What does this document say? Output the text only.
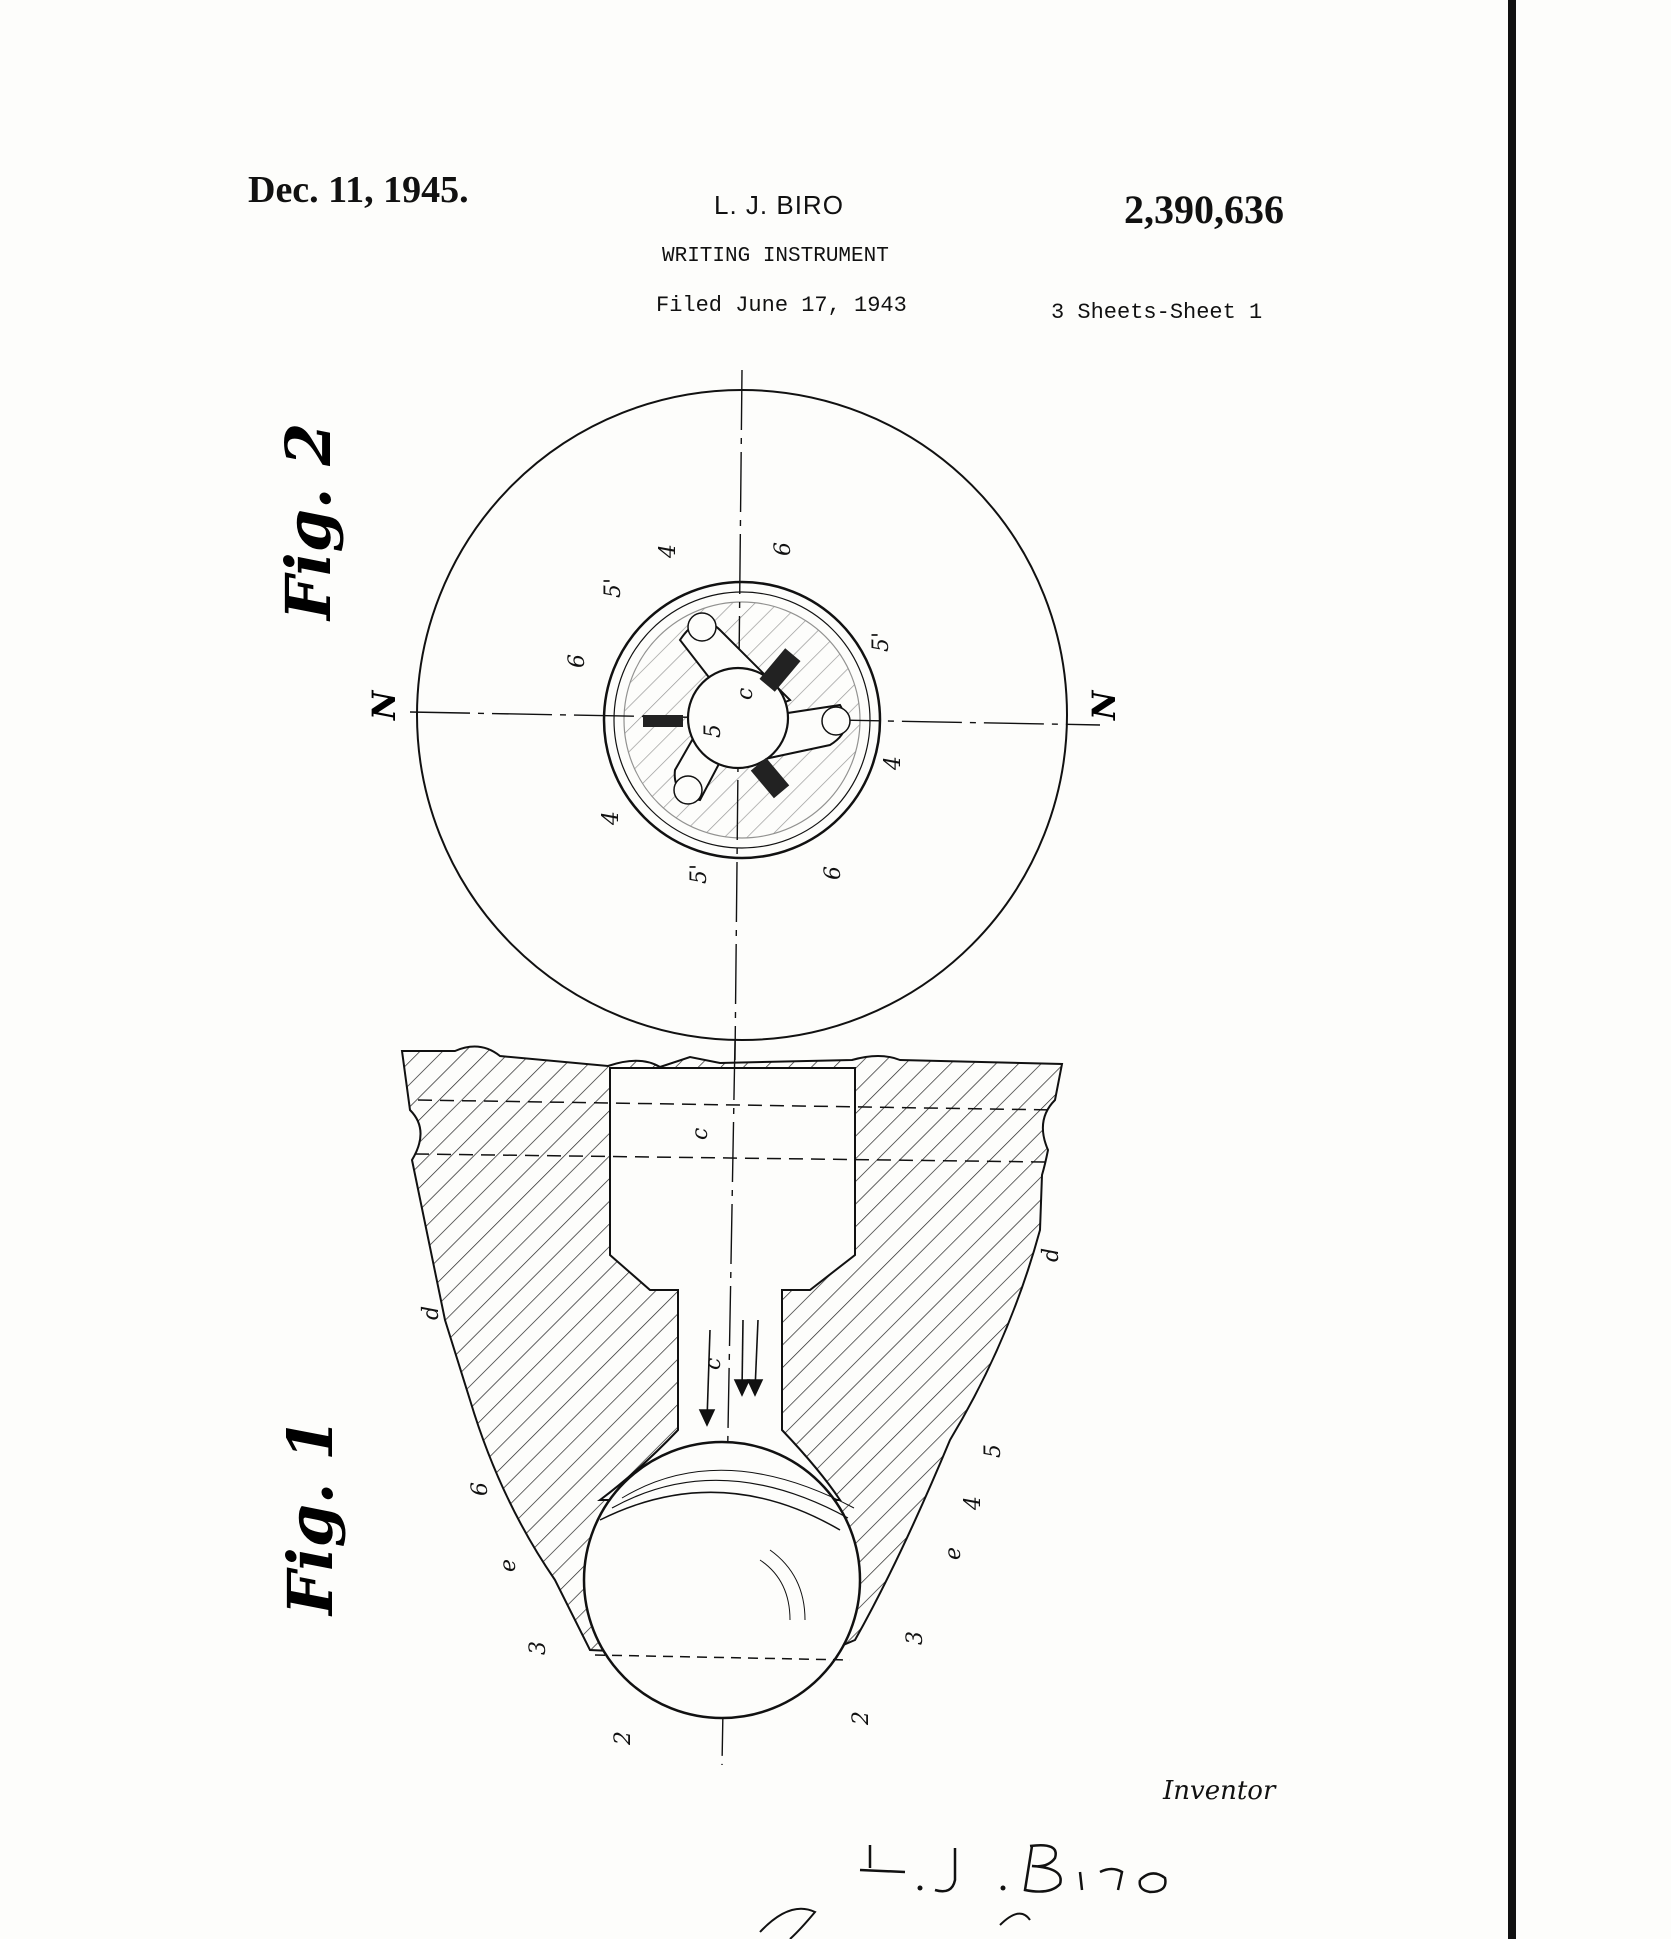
Dec. 11, 1945.	L. J. BIRO	2,390,636
WRITING INSTRUMENT
Filed June 17, 1943	3 Sheets-Sheet 1
Fig. 2
N	N
4	6
5'
5'
6
c
5
4
4
6
5'
Fig. 1
c
c
d
d
5
4
6
e
e
3
3
2
2
Inventor
